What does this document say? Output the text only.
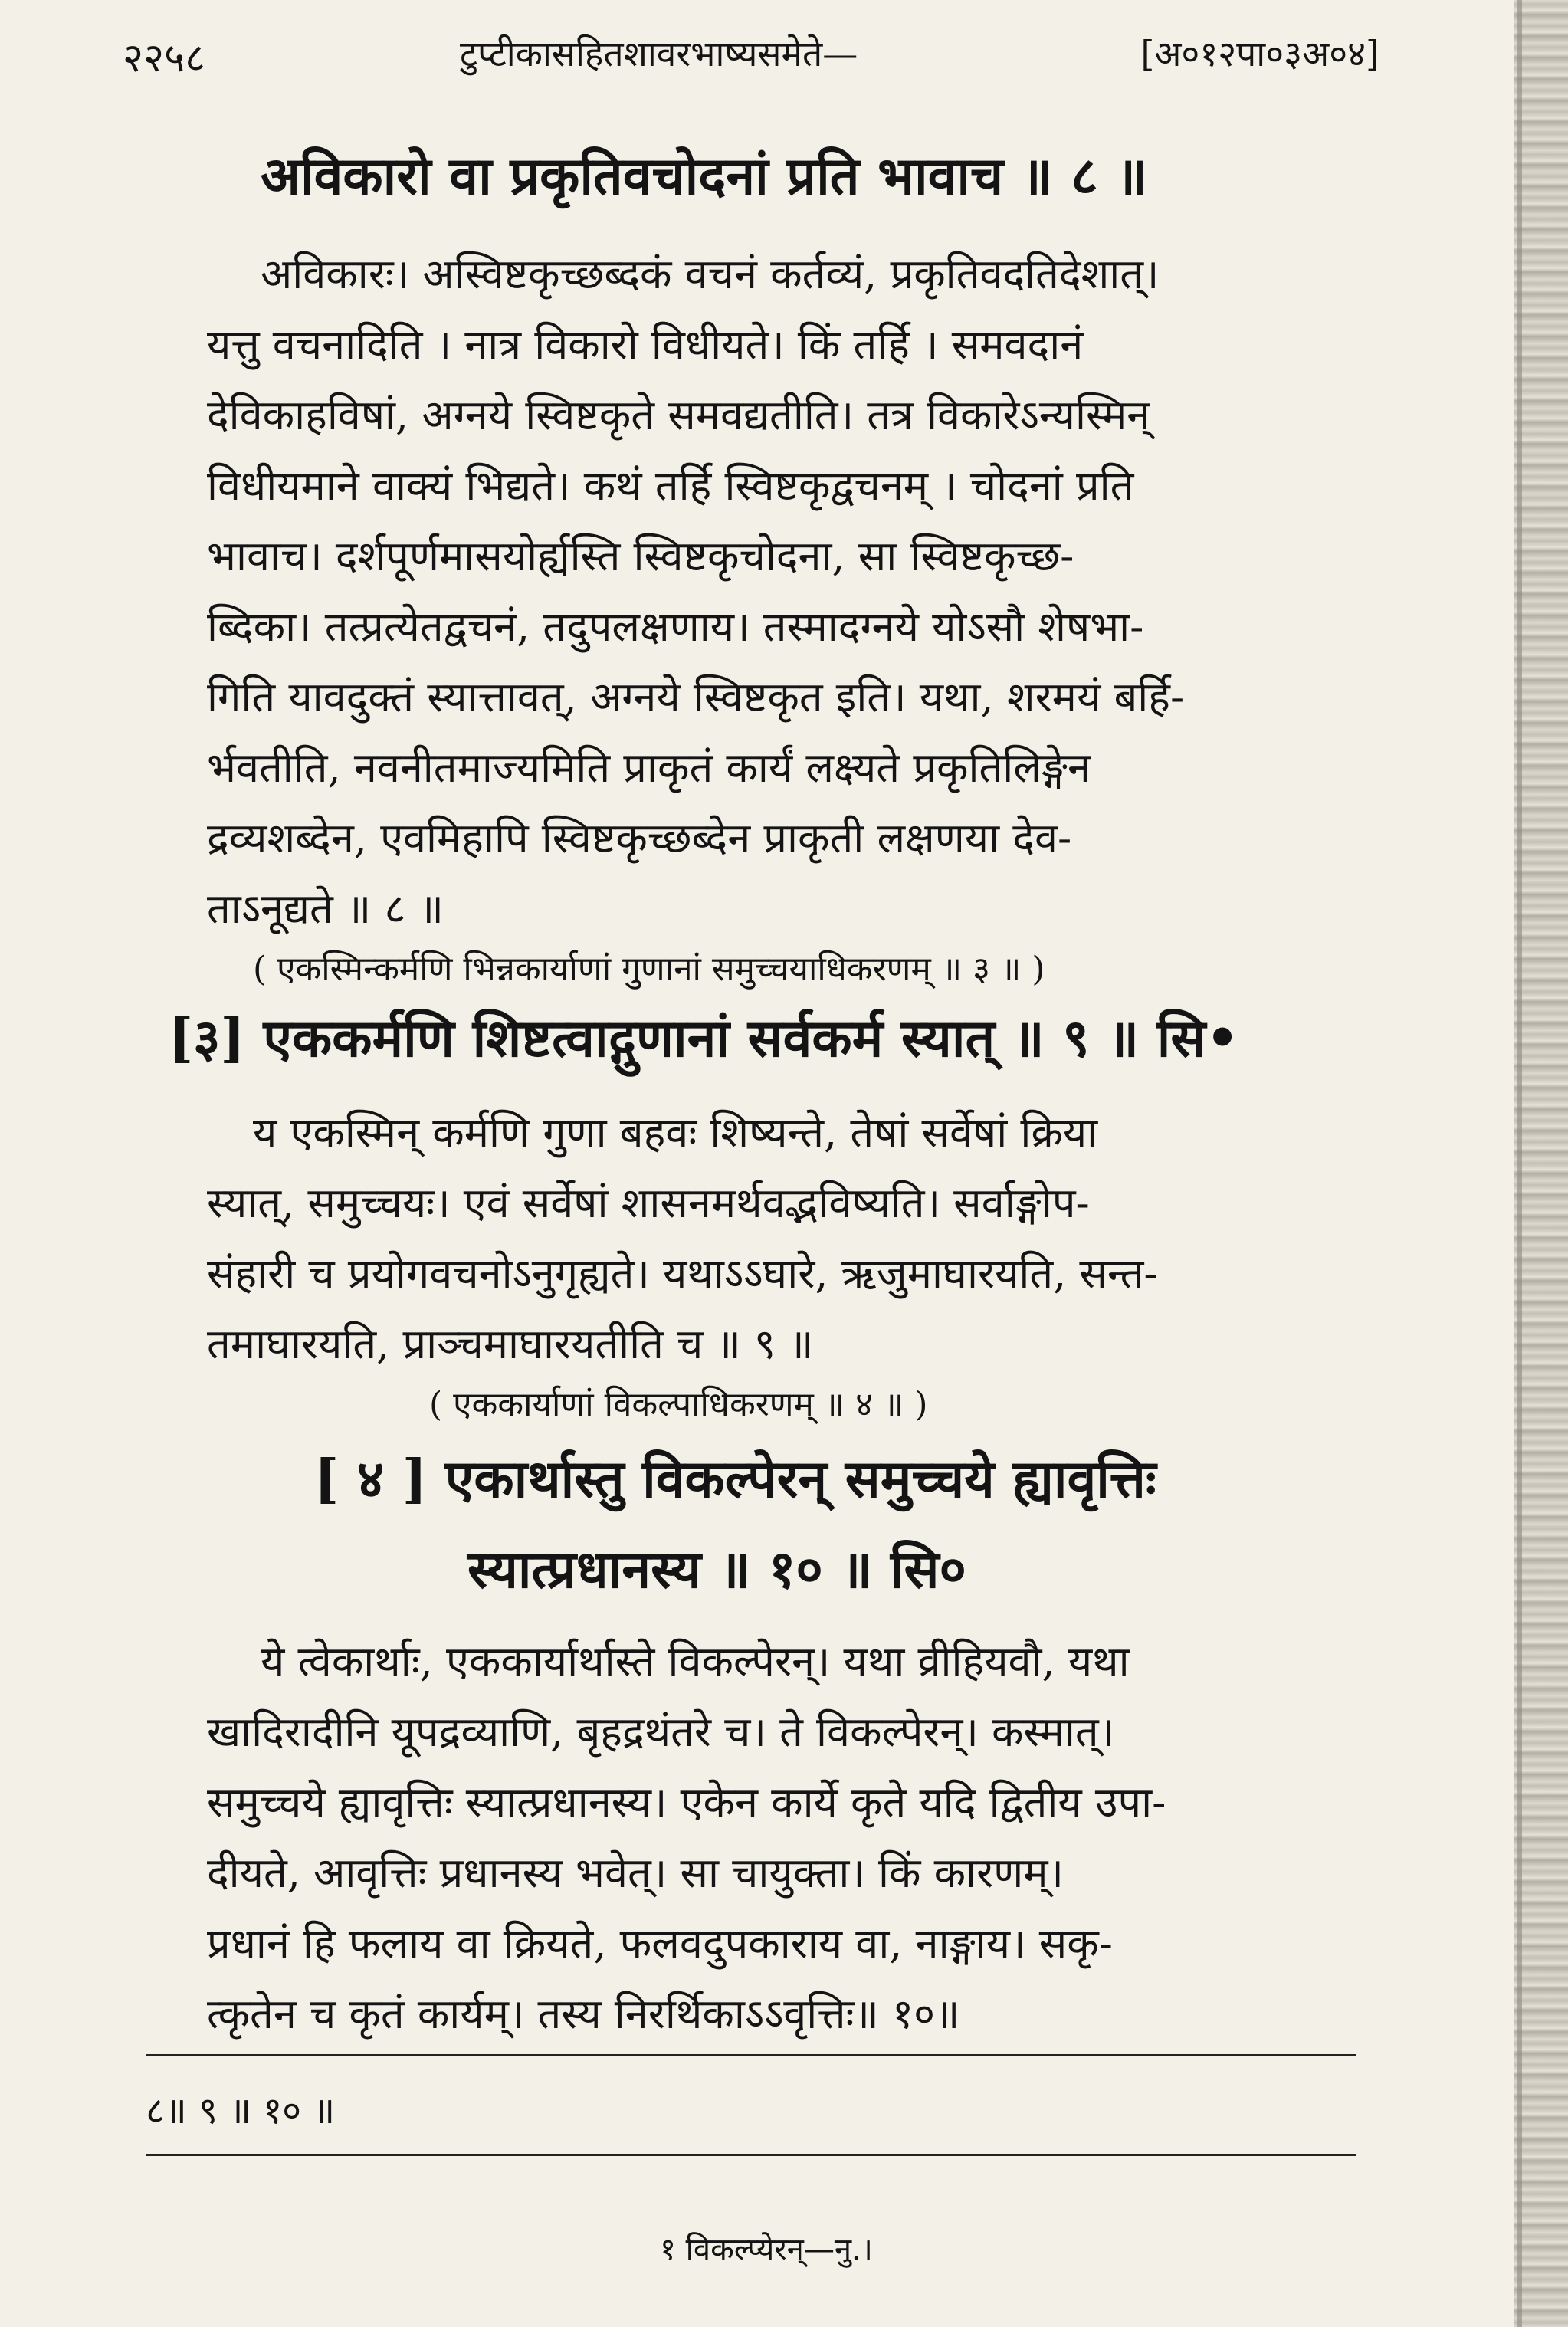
२२५८	टुप्टीकासहितशावरभाष्यसमेते—	[अ०१२पा०३अ०४]
अविकारो वा प्रकृतिवचोदनां प्रति भावाच ॥ ८ ॥
अविकारः। अस्विष्टकृच्छब्दकं वचनं कर्तव्यं, प्रकृतिवदतिदेशात्।
यत्तु वचनादिति । नात्र विकारो विधीयते। किं तर्हि । समवदानं
देविकाहविषां, अग्नये स्विष्टकृते समवद्यतीति। तत्र विकारेऽन्यस्मिन्
विधीयमाने वाक्यं भिद्यते। कथं तर्हि स्विष्टकृद्वचनम् । चोदनां प्रति
भावाच। दर्शपूर्णमासयोर्ह्यस्ति स्विष्टकृचोदना, सा स्विष्टकृच्छ-
ब्दिका। तत्प्रत्येतद्वचनं, तदुपलक्षणाय। तस्मादग्नये योऽसौ शेषभा-
गिति यावदुक्तं स्यात्तावत्, अग्नये स्विष्टकृत इति। यथा, शरमयं बर्हि-
र्भवतीति, नवनीतमाज्यमिति प्राकृतं कार्यं लक्ष्यते प्रकृतिलिङ्गेन
द्रव्यशब्देन, एवमिहापि स्विष्टकृच्छब्देन प्राकृती लक्षणया देव-
ताऽनूद्यते ॥ ८ ॥
( एकस्मिन्कर्मणि भिन्नकार्याणां गुणानां समुच्चयाधिकरणम् ॥ ३ ॥ )
[३] एककर्मणि शिष्टत्वाद्गुणानां सर्वकर्म स्यात् ॥ ९ ॥ सि•
य एकस्मिन् कर्मणि गुणा बहवः शिष्यन्ते, तेषां सर्वेषां क्रिया
स्यात्, समुच्चयः। एवं सर्वेषां शासनमर्थवद्भविष्यति। सर्वाङ्गोप-
संहारी च प्रयोगवचनोऽनुगृह्यते। यथाऽऽघारे, ऋजुमाघारयति, सन्त-
तमाघारयति, प्राञ्चमाघारयतीति च ॥ ९ ॥
( एककार्याणां विकल्पाधिकरणम् ॥ ४ ॥ )
[ ४ ] एकार्थास्तु विकल्पेरन् समुच्चये ह्यावृत्तिः
स्यात्प्रधानस्य ॥ १० ॥ सि०
ये त्वेकार्थाः, एककार्यार्थास्ते विकल्पेरन्। यथा व्रीहियवौ, यथा
खादिरादीनि यूपद्रव्याणि, बृहद्रथंतरे च। ते विकल्पेरन्। कस्मात्।
समुच्चये ह्यावृत्तिः स्यात्प्रधानस्य। एकेन कार्ये कृते यदि द्वितीय उपा-
दीयते, आवृत्तिः प्रधानस्य भवेत्। सा चायुक्ता। किं कारणम्।
प्रधानं हि फलाय वा क्रियते, फलवदुपकाराय वा, नाङ्गाय। सकृ-
त्कृतेन च कृतं कार्यम्। तस्य निरर्थिकाऽऽवृत्तिः॥ १०॥
८॥ ९ ॥ १० ॥
१ विकल्प्येरन्—नु.।
